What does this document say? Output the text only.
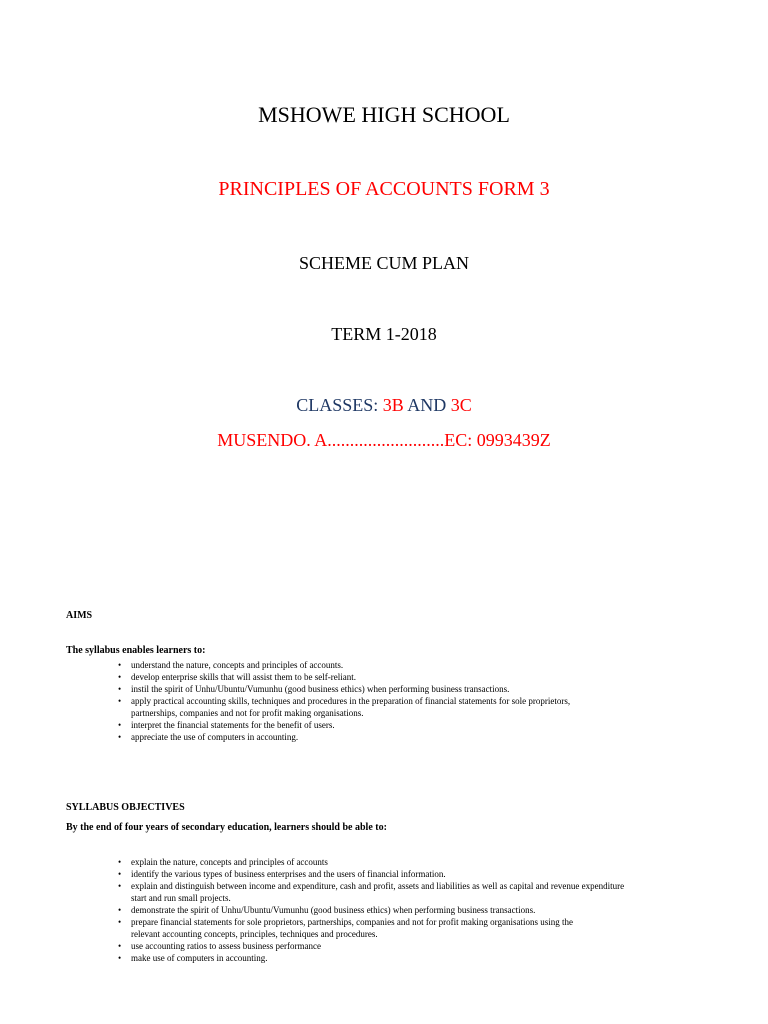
MSHOWE HIGH SCHOOL
PRINCIPLES OF ACCOUNTS FORM 3
SCHEME CUM PLAN
TERM 1-2018
CLASSES: 3B AND 3C
MUSENDO. A..........................EC: 0993439Z
AIMS
The syllabus enables learners to:
• understand the nature, concepts and principles of accounts.
• develop enterprise skills that will assist them to be self-reliant.
• instil the spirit of Unhu/Ubuntu/Vumunhu (good business ethics) when performing business transactions.
• apply practical accounting skills, techniques and procedures in the preparation of financial statements for sole proprietors,
partnerships, companies and not for profit making organisations.
• interpret the financial statements for the benefit of users.
• appreciate the use of computers in accounting.
SYLLABUS OBJECTIVES
By the end of four years of secondary education, learners should be able to:
• explain the nature, concepts and principles of accounts
• identify the various types of business enterprises and the users of financial information.
• explain and distinguish between income and expenditure, cash and profit, assets and liabilities as well as capital and revenue expenditure
start and run small projects.
• demonstrate the spirit of Unhu/Ubuntu/Vumunhu (good business ethics) when performing business transactions.
• prepare financial statements for sole proprietors, partnerships, companies and not for profit making organisations using the
relevant accounting concepts, principles, techniques and procedures.
• use accounting ratios to assess business performance
• make use of computers in accounting.
